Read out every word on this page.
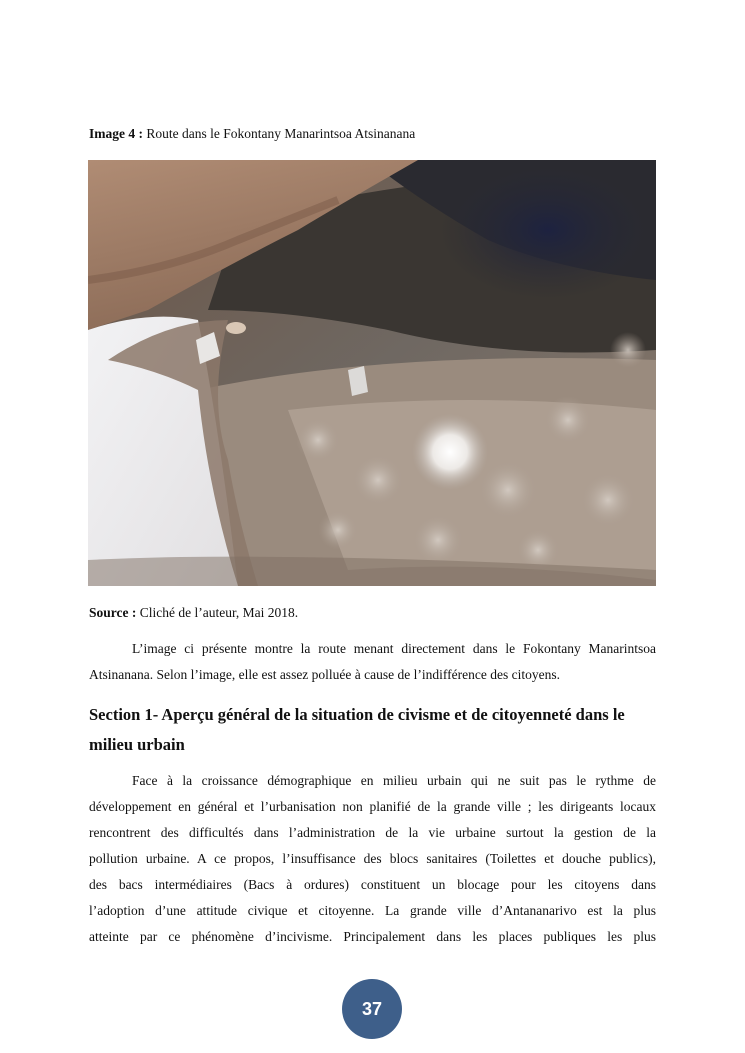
Image 4 : Route dans le Fokontany Manarintsoa Atsinanana
Source : Cliché de l’auteur, Mai 2018.

L’image ci présente montre la route menant directement dans le Fokontany Manarintsoa
Atsinanana. Selon l’image, elle est assez polluée à cause de l’indifférence des citoyens.

Section 1- Aperçu général de la situation de civisme et de citoyenneté dans le
milieu urbain

Face à la croissance démographique en milieu urbain qui ne suit pas le rythme de
développement en général et l’urbanisation non planifié de la grande ville ; les dirigeants locaux
rencontrent des difficultés dans l’administration de la vie urbaine surtout la gestion de la
pollution urbaine. A ce propos, l’insuffisance des blocs sanitaires (Toilettes et douche publics),
des bacs intermédiaires (Bacs à ordures) constituent un blocage pour les citoyens dans
l’adoption d’une attitude civique et citoyenne. La grande ville d’Antananarivo est la plus
atteinte par ce phénomène d’incivisme. Principalement dans les places publiques les plus

37
